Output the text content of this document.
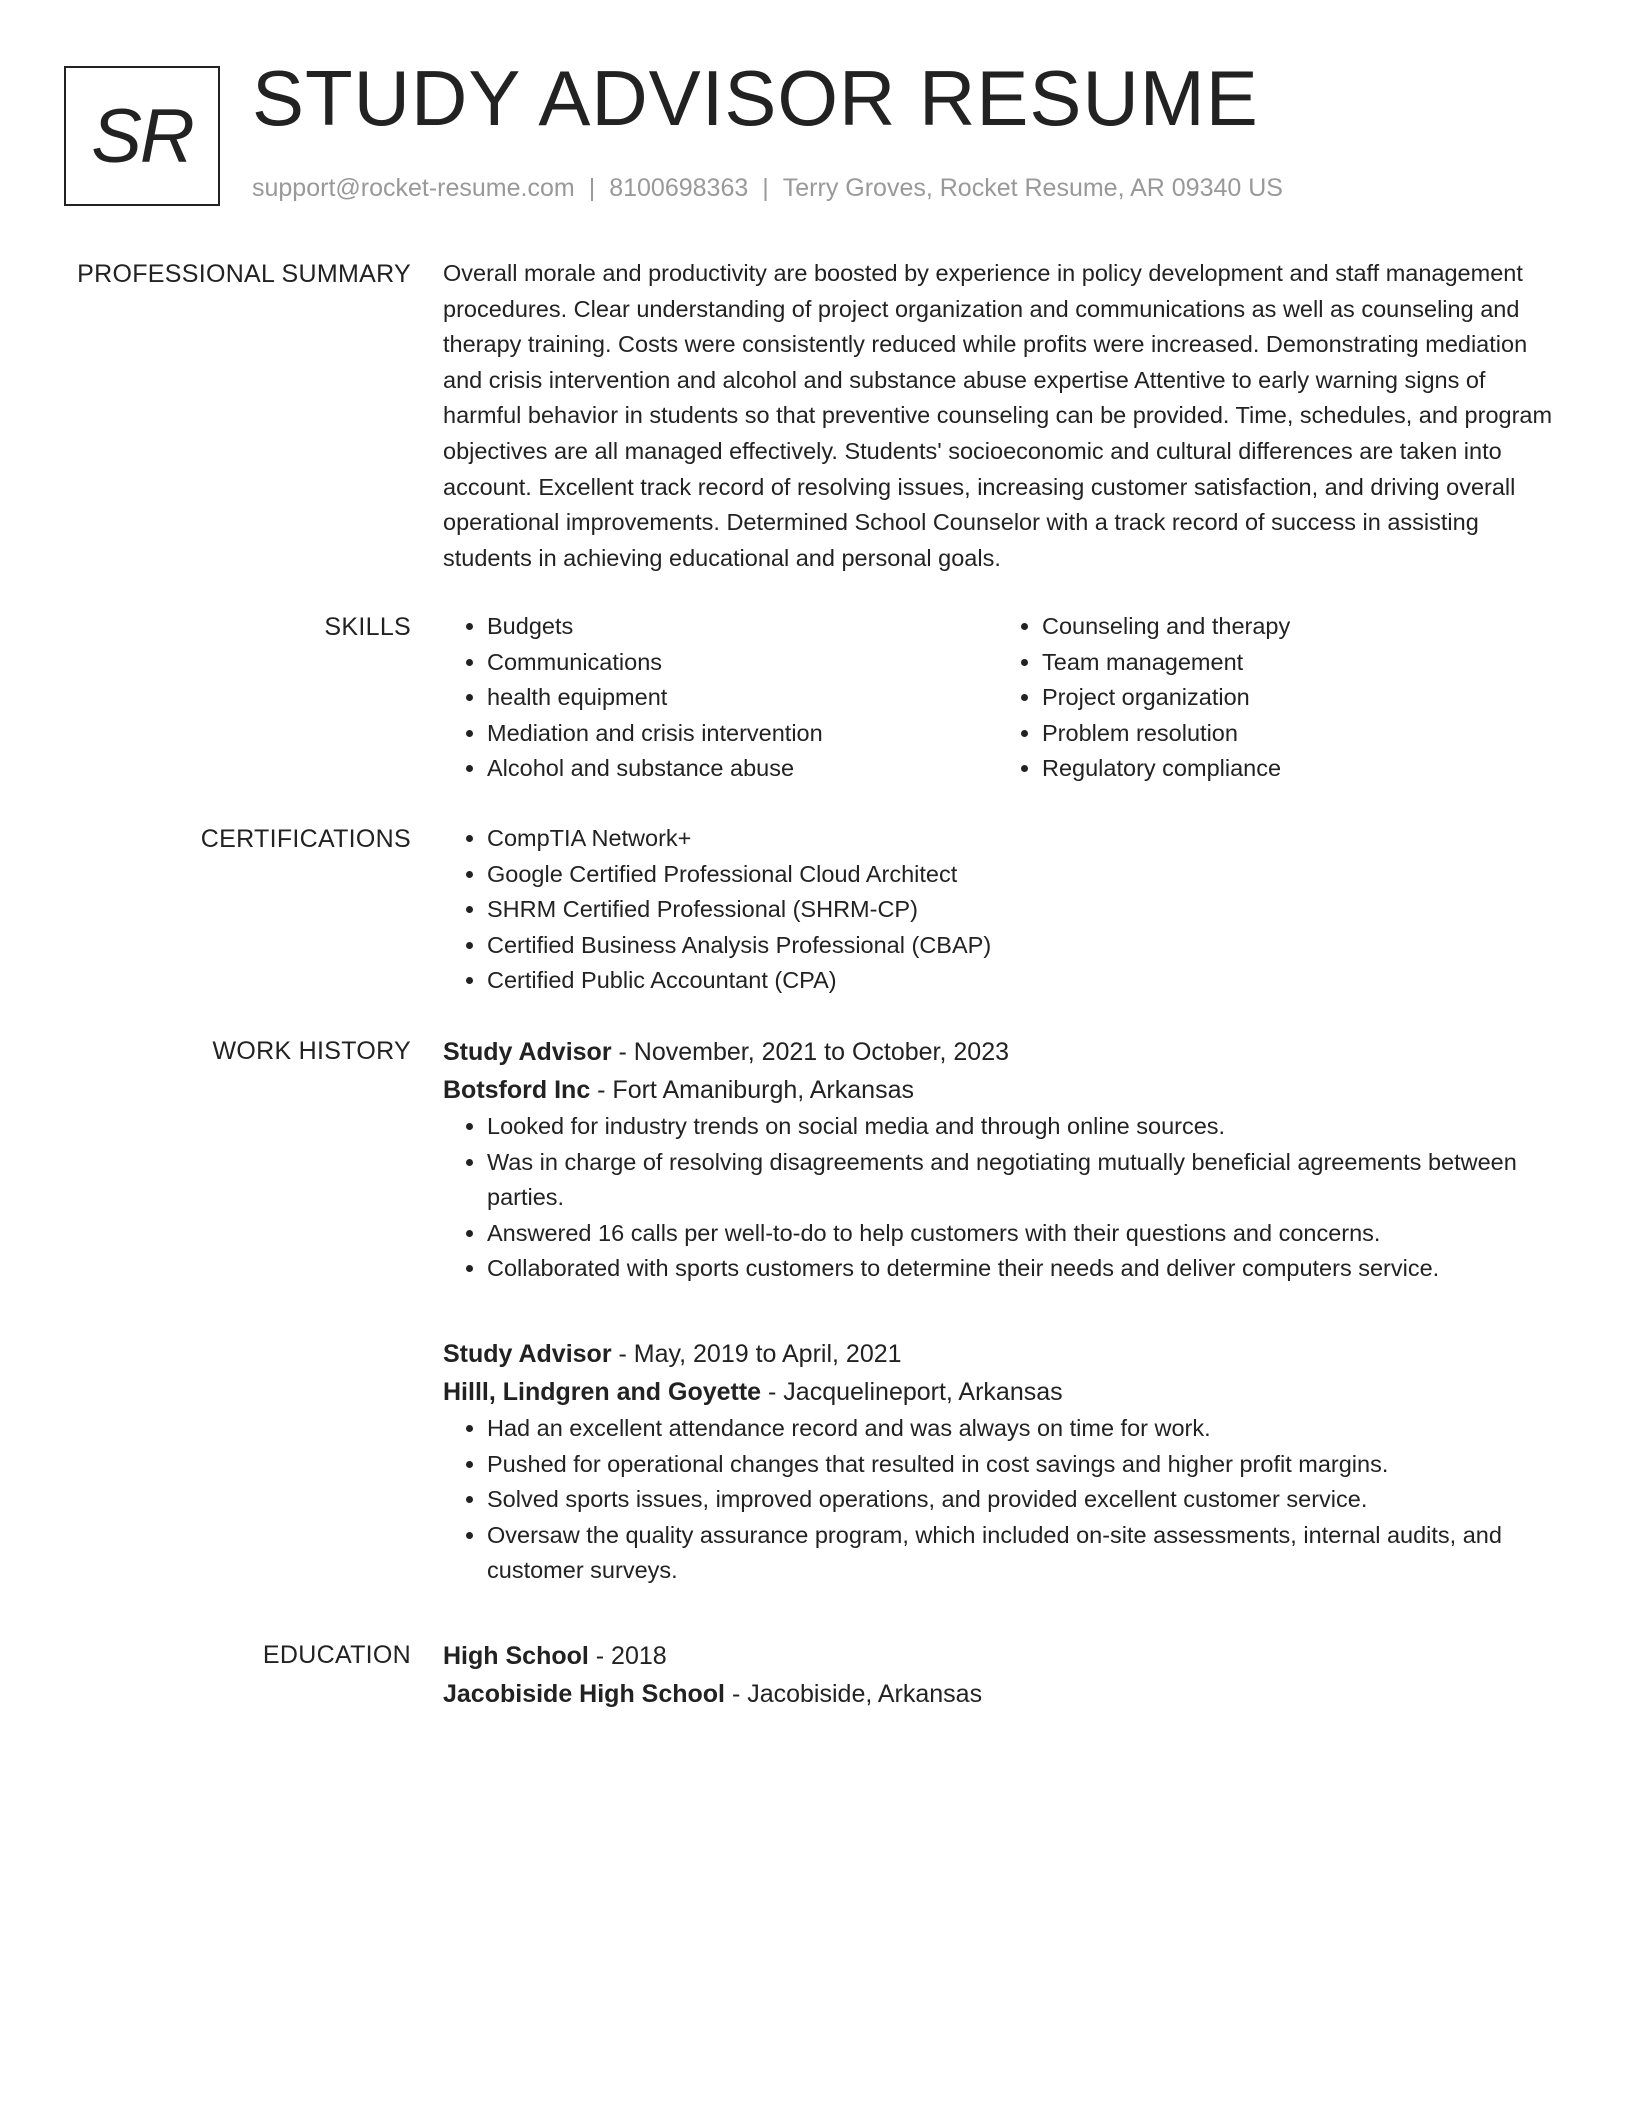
SR STUDY ADVISOR RESUME
support@rocket-resume.com | 8100698363 | Terry Groves, Rocket Resume, AR 09340 US
PROFESSIONAL SUMMARY Overall morale and productivity are boosted by experience in policy development and staff management procedures. Clear understanding of project organization and communications as well as counseling and therapy training. Costs were consistently reduced while profits were increased. Demonstrating mediation and crisis intervention and alcohol and substance abuse expertise Attentive to early warning signs of harmful behavior in students so that preventive counseling can be provided. Time, schedules, and program objectives are all managed effectively. Students' socioeconomic and cultural differences are taken into account. Excellent track record of resolving issues, increasing customer satisfaction, and driving overall operational improvements. Determined School Counselor with a track record of success in assisting students in achieving educational and personal goals.

SKILLS	• Budgets
• Communications
• health equipment
• Mediation and crisis intervention
• Alcohol and substance abuse
• Counseling and therapy
• Team management
• Project organization
• Problem resolution
• Regulatory compliance
CERTIFICATIONS	• CompTIA Network+
• Google Certified Professional Cloud Architect
• SHRM Certified Professional (SHRM-CP)
• Certified Business Analysis Professional (CBAP)
• Certified Public Accountant (CPA)
WORK HISTORY Study Advisor - November, 2021 to October, 2023
Botsford Inc - Fort Amaniburgh, Arkansas
• Looked for industry trends on social media and through online sources.
• Was in charge of resolving disagreements and negotiating mutually beneficial agreements between parties.
• Answered 16 calls per well-to-do to help customers with their questions and concerns.
• Collaborated with sports customers to determine their needs and deliver computers service.
Study Advisor - May, 2019 to April, 2021
Hilll, Lindgren and Goyette - Jacquelineport, Arkansas
• Had an excellent attendance record and was always on time for work.
• Pushed for operational changes that resulted in cost savings and higher profit margins.
• Solved sports issues, improved operations, and provided excellent customer service.
• Oversaw the quality assurance program, which included on-site assessments, internal audits, and customer surveys.
EDUCATION High School - 2018
Jacobiside High School - Jacobiside, Arkansas
